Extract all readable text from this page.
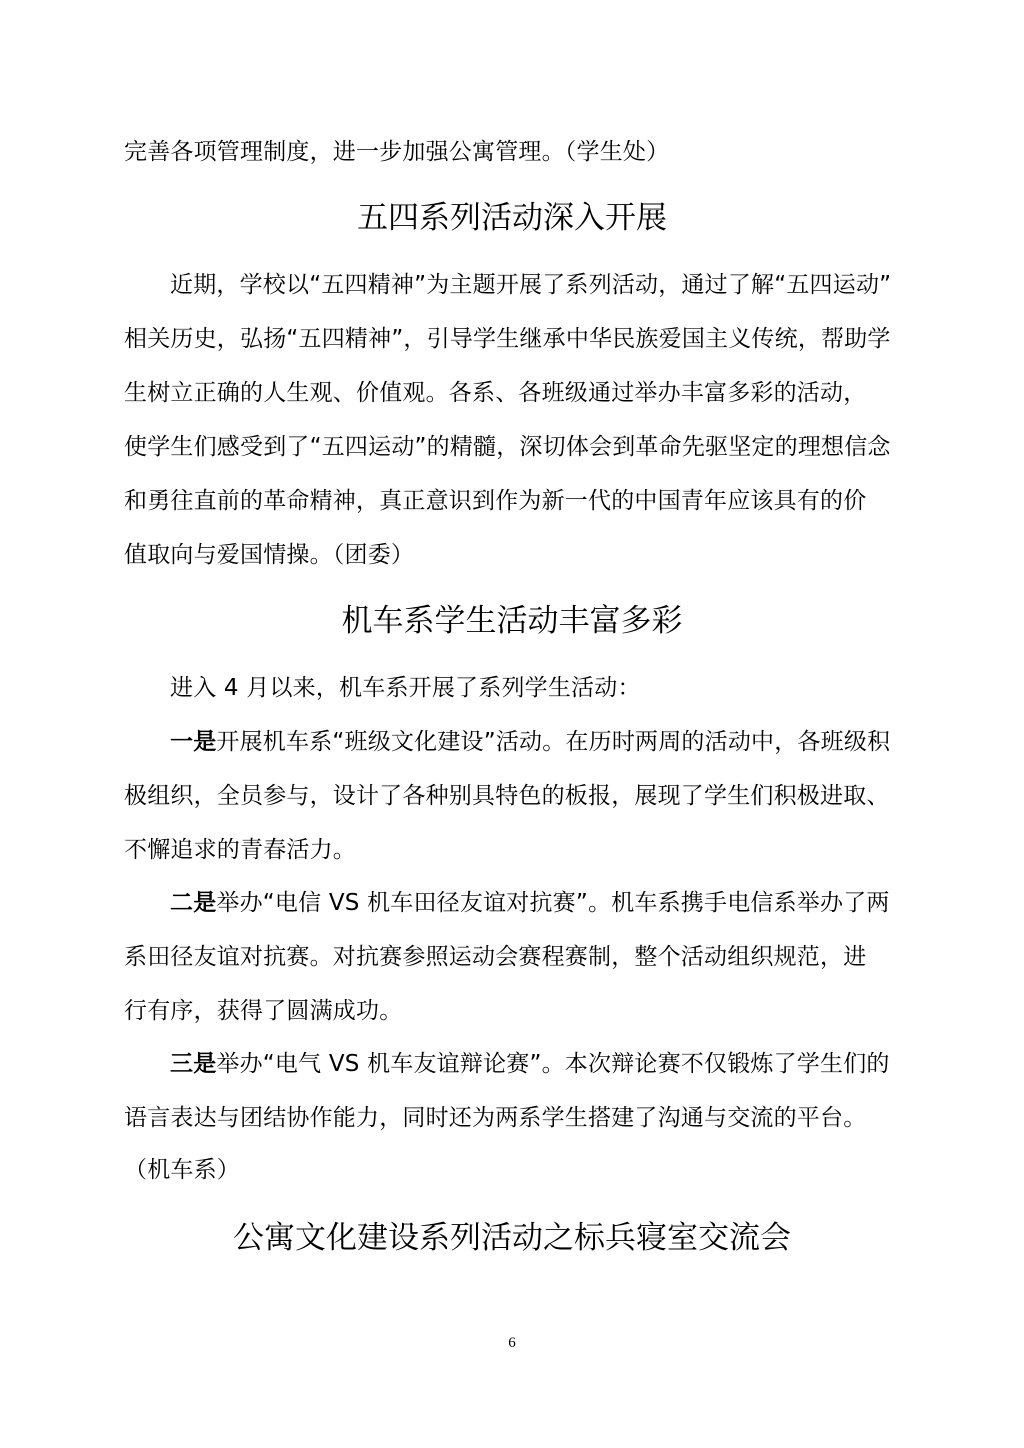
完善各项管理制度，进一步加强公寓管理。（学生处）
五四系列活动深入开展
近期，学校以“五四精神”为主题开展了系列活动，通过了解“五四运动”
相关历史，弘扬“五四精神”，引导学生继承中华民族爱国主义传统，帮助学
生树立正确的人生观、价值观。各系、各班级通过举办丰富多彩的活动，
使学生们感受到了“五四运动”的精髓，深切体会到革命先驱坚定的理想信念
和勇往直前的革命精神，真正意识到作为新一代的中国青年应该具有的价
值取向与爱国情操。（团委）
机车系学生活动丰富多彩
进入 4 月以来，机车系开展了系列学生活动：
一是开展机车系“班级文化建设”活动。在历时两周的活动中，各班级积
极组织，全员参与，设计了各种别具特色的板报，展现了学生们积极进取、
不懈追求的青春活力。
二是举办“电信 VS 机车田径友谊对抗赛”。机车系携手电信系举办了两
系田径友谊对抗赛。对抗赛参照运动会赛程赛制，整个活动组织规范，进
行有序，获得了圆满成功。
三是举办“电气 VS 机车友谊辩论赛”。本次辩论赛不仅锻炼了学生们的
语言表达与团结协作能力，同时还为两系学生搭建了沟通与交流的平台。
（机车系）
公寓文化建设系列活动之标兵寝室交流会
6
